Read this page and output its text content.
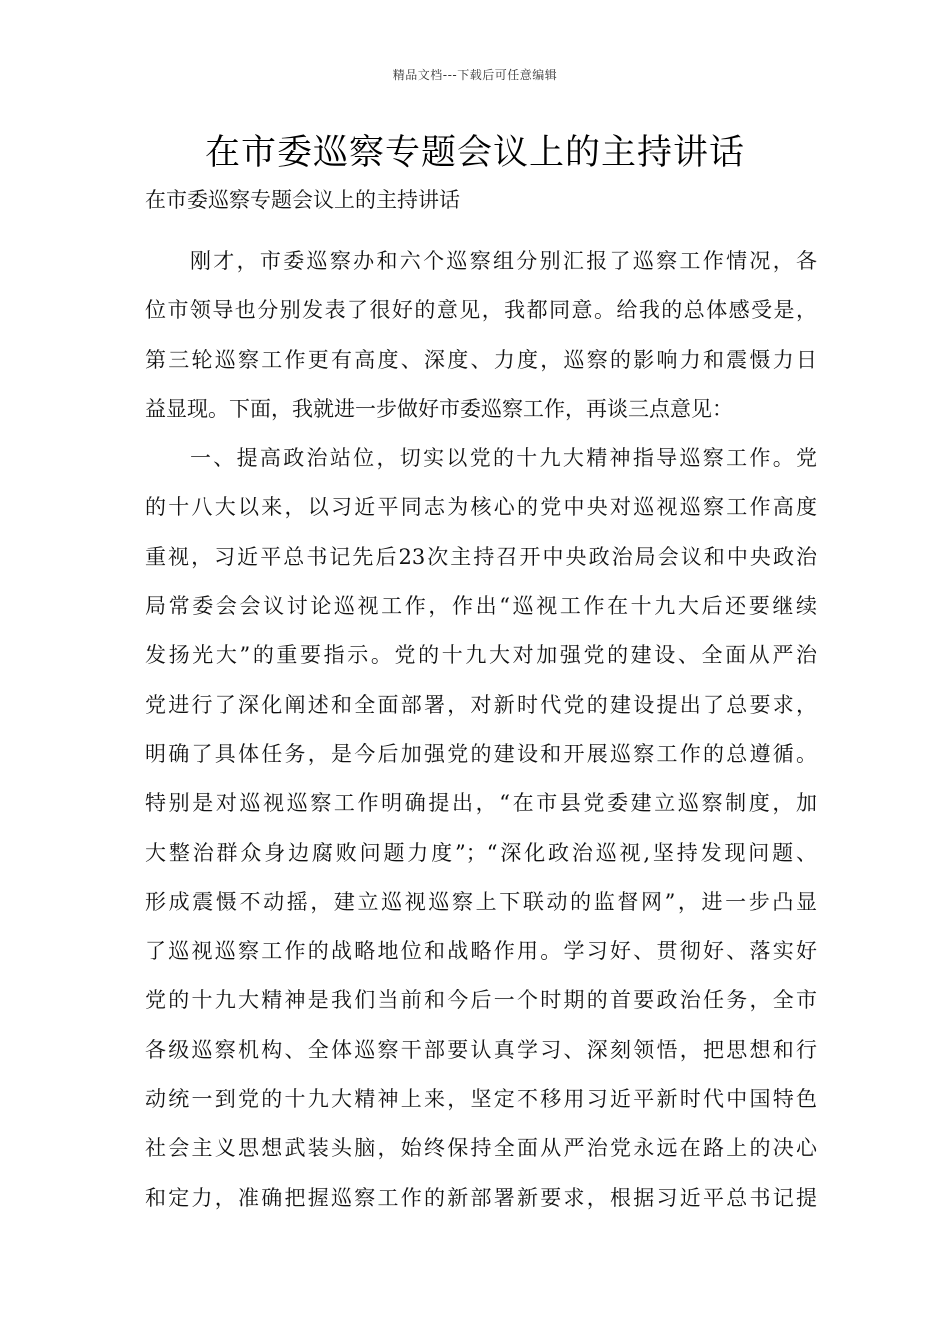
精品文档---下载后可任意编辑
在市委巡察专题会议上的主持讲话

在市委巡察专题会议上的主持讲话

刚才，市委巡察办和六个巡察组分别汇报了巡察工作情况，各
位市领导也分别发表了很好的意见，我都同意。给我的总体感受是，
第三轮巡察工作更有高度、深度、力度，巡察的影响力和震慑力日
益显现。下面，我就进一步做好市委巡察工作，再谈三点意见：
一、提高政治站位，切实以党的十九大精神指导巡察工作。党
的十八大以来，以习近平同志为核心的党中央对巡视巡察工作高度
重视，习近平总书记先后23次主持召开中央政治局会议和中央政治
局常委会会议讨论巡视工作，作出“巡视工作在十九大后还要继续
发扬光大”的重要指示。党的十九大对加强党的建设、全面从严治
党进行了深化阐述和全面部署，对新时代党的建设提出了总要求，
明确了具体任务，是今后加强党的建设和开展巡察工作的总遵循。
特别是对巡视巡察工作明确提出，“在市县党委建立巡察制度，加
大整治群众身边腐败问题力度”；“深化政治巡视,坚持发现问题、
形成震慑不动摇，建立巡视巡察上下联动的监督网”，进一步凸显
了巡视巡察工作的战略地位和战略作用。学习好、贯彻好、落实好
党的十九大精神是我们当前和今后一个时期的首要政治任务，全市
各级巡察机构、全体巡察干部要认真学习、深刻领悟，把思想和行
动统一到党的十九大精神上来，坚定不移用习近平新时代中国特色
社会主义思想武装头脑，始终保持全面从严治党永远在路上的决心
和定力，准确把握巡察工作的新部署新要求，根据习近平总书记提
